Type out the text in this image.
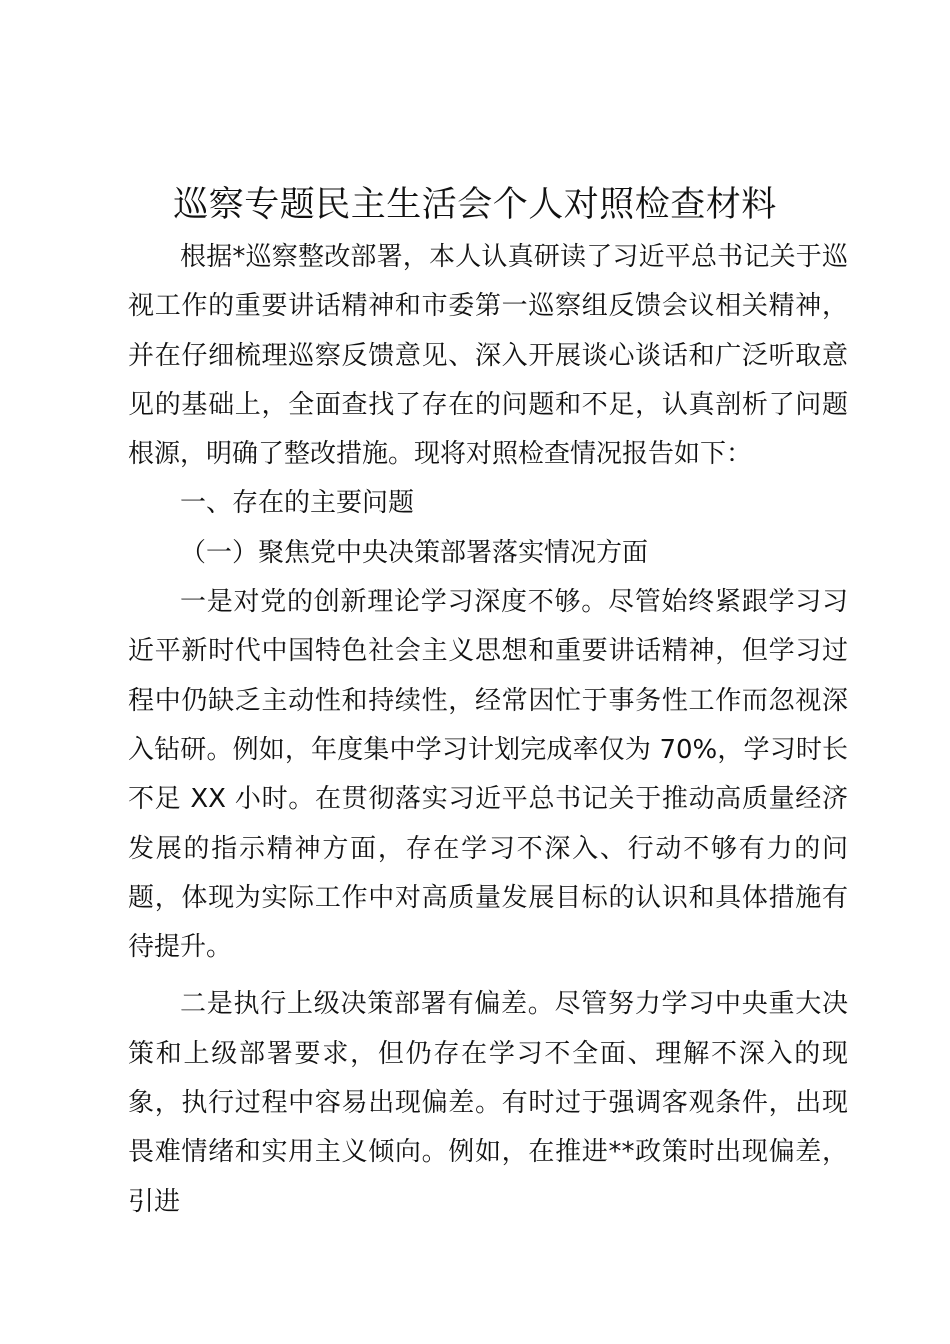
巡察专题民主生活会个人对照检查材料

根据*巡察整改部署，本人认真研读了习近平总书记关于巡视工作的重要讲话精神和市委第一巡察组反馈会议相关精神，并在仔细梳理巡察反馈意见、深入开展谈心谈话和广泛听取意见的基础上，全面查找了存在的问题和不足，认真剖析了问题根源，明确了整改措施。现将对照检查情况报告如下：

一、存在的主要问题

（一）聚焦党中央决策部署落实情况方面

一是对党的创新理论学习深度不够。尽管始终紧跟学习习近平新时代中国特色社会主义思想和重要讲话精神，但学习过程中仍缺乏主动性和持续性，经常因忙于事务性工作而忽视深入钻研。例如，年度集中学习计划完成率仅为 70%，学习时长不足 XX 小时。在贯彻落实习近平总书记关于推动高质量经济发展的指示精神方面，存在学习不深入、行动不够有力的问题，体现为实际工作中对高质量发展目标的认识和具体措施有待提升。

二是执行上级决策部署有偏差。尽管努力学习中央重大决策和上级部署要求，但仍存在学习不全面、理解不深入的现象，执行过程中容易出现偏差。有时过于强调客观条件，出现畏难情绪和实用主义倾向。例如，在推进**政策时出现偏差，引进
